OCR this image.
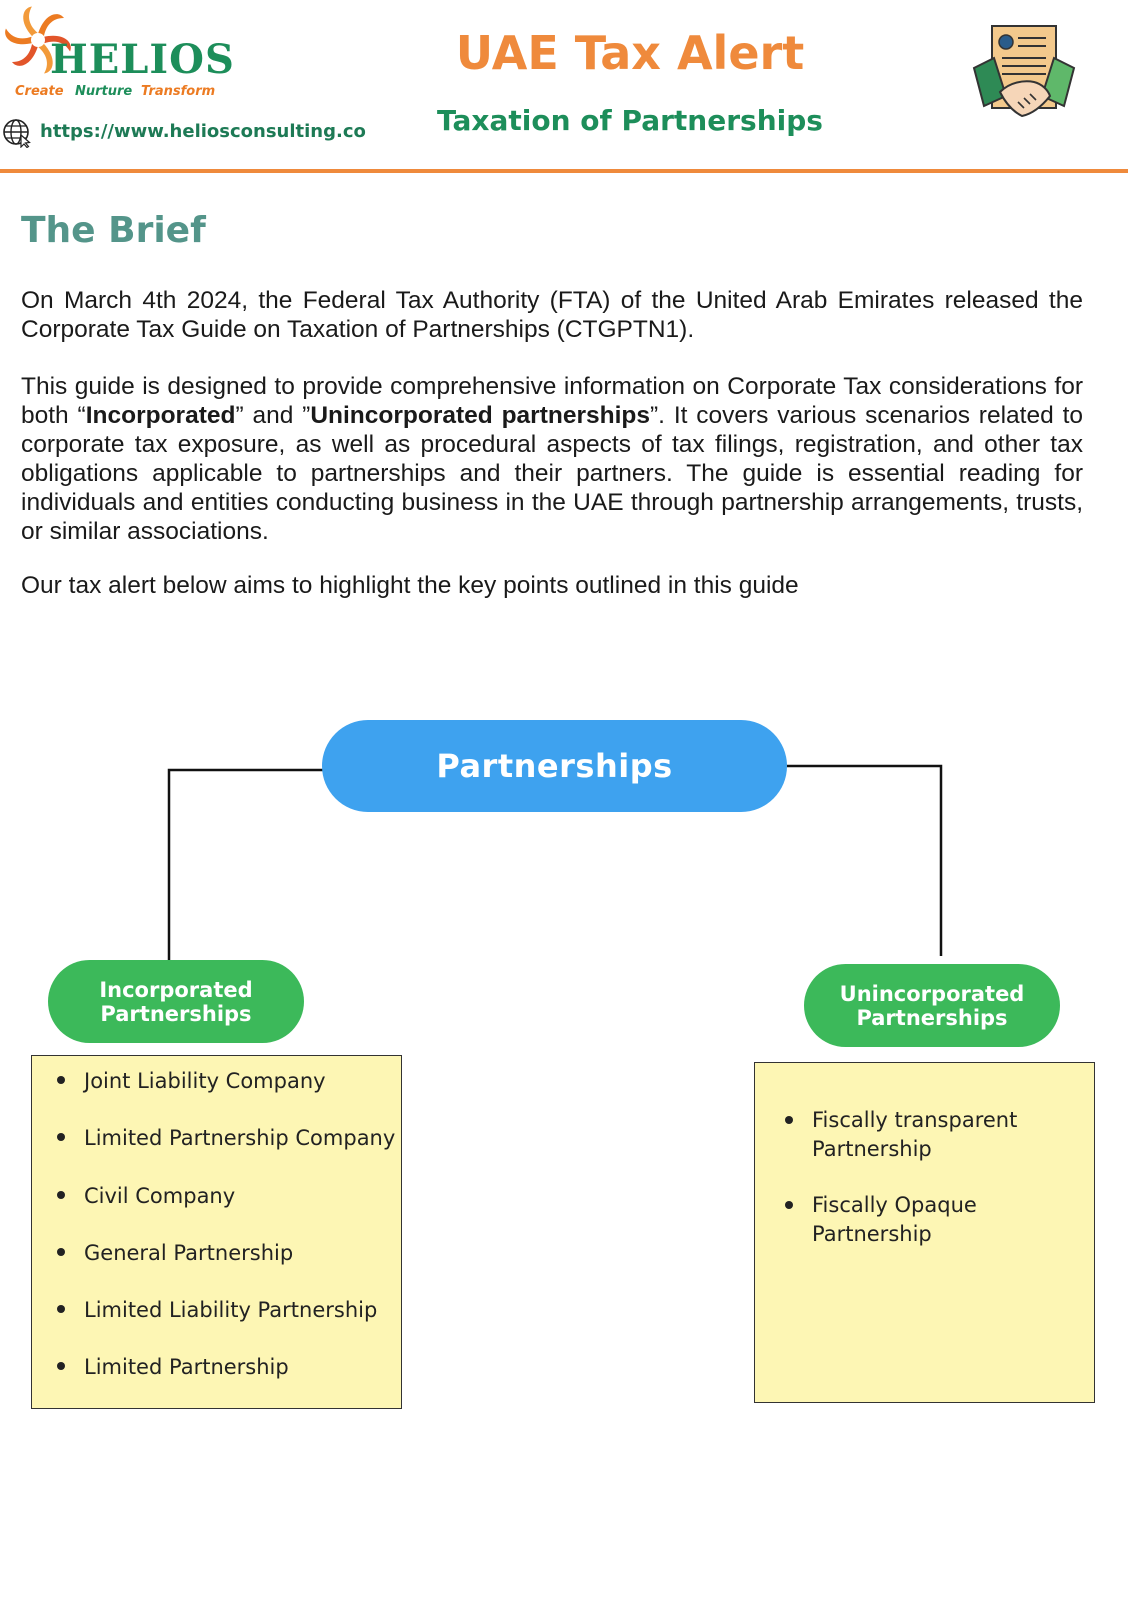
HELIOS
Create Nurture Transform
https://www.heliosconsulting.co
UAE Tax Alert
Taxation of Partnerships
The Brief

On March 4th 2024, the Federal Tax Authority (FTA) of the United Arab Emirates released the Corporate Tax Guide on Taxation of Partnerships (CTGPTN1).

This guide is designed to provide comprehensive information on Corporate Tax considerations for both “Incorporated” and ”Unincorporated partnerships”. It covers various scenarios related to corporate tax exposure, as well as procedural aspects of tax filings, registration, and other tax obligations applicable to partnerships and their partners. The guide is essential reading for individuals and entities conducting business in the UAE through partnership arrangements, trusts, or similar associations.

Our tax alert below aims to highlight the key points outlined in this guide

Partnerships
Incorporated
Partnerships
Unincorporated
Partnerships
Joint Liability Company
Limited Partnership Company
Civil Company
General Partnership
Limited Liability Partnership
Limited Partnership
Fiscally transparent Partnership
Fiscally Opaque Partnership
